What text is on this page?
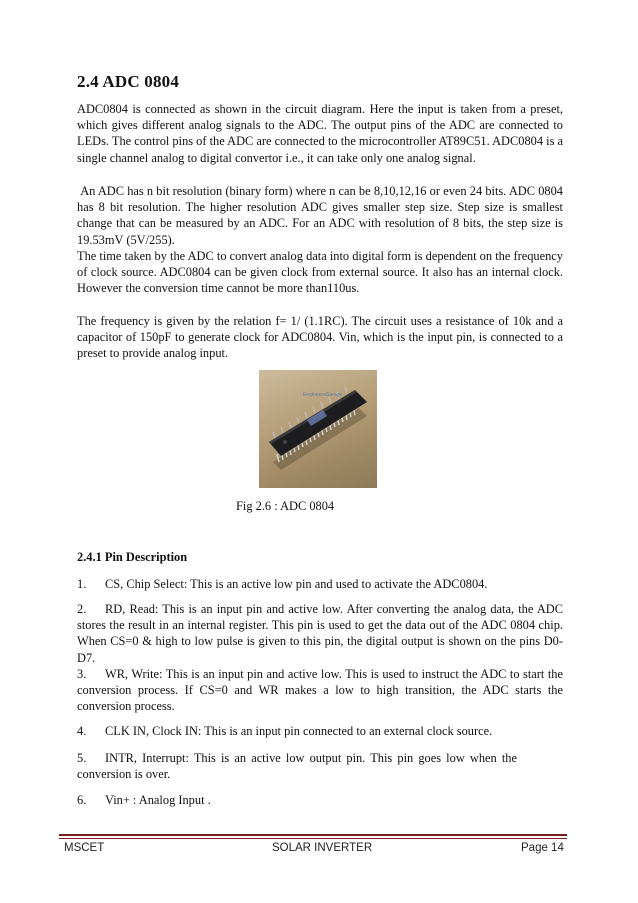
2.4 ADC 0804

ADC0804 is connected as shown in the circuit diagram. Here the input is taken from a preset, which gives different analog signals to the ADC. The output pins of the ADC are connected to LEDs. The control pins of the ADC are connected to the microcontroller AT89C51. ADC0804 is a single channel analog to digital convertor i.e., it can take only one analog signal.

An ADC has n bit resolution (binary form) where n can be 8,10,12,16 or even 24 bits. ADC 0804 has 8 bit resolution. The higher resolution ADC gives smaller step size. Step size is smallest change that can be measured by an ADC. For an ADC with resolution of 8 bits, the step size is 19.53mV (5V/255).

The time taken by the ADC to convert analog data into digital form is dependent on the frequency of clock source. ADC0804 can be given clock from external source. It also has an internal clock. However the conversion time cannot be more than110us.

The frequency is given by the relation f= 1/ (1.1RC). The circuit uses a resistance of 10k and a capacitor of 150pF to generate clock for ADC0804. Vin, which is the input pin, is connected to a preset to provide analog input.

EngineersGarage
Fig 2.6 : ADC 0804
2.4.1 Pin Description

1. CS, Chip Select: This is an active low pin and used to activate the ADC0804.

2. RD, Read: This is an input pin and active low. After converting the analog data, the ADC stores the result in an internal register. This pin is used to get the data out of the ADC 0804 chip. When CS=0 & high to low pulse is given to this pin, the digital output is shown on the pins D0-D7.

3. WR, Write: This is an input pin and active low. This is used to instruct the ADC to start the conversion process. If CS=0 and WR makes a low to high transition, the ADC starts the conversion process.

4. CLK IN, Clock IN: This is an input pin connected to an external clock source.

5. INTR, Interrupt: This is an active low output pin. This pin goes low when the conversion is over.

6. Vin+ : Analog Input .

MSCET	SOLAR INVERTER	Page 14
